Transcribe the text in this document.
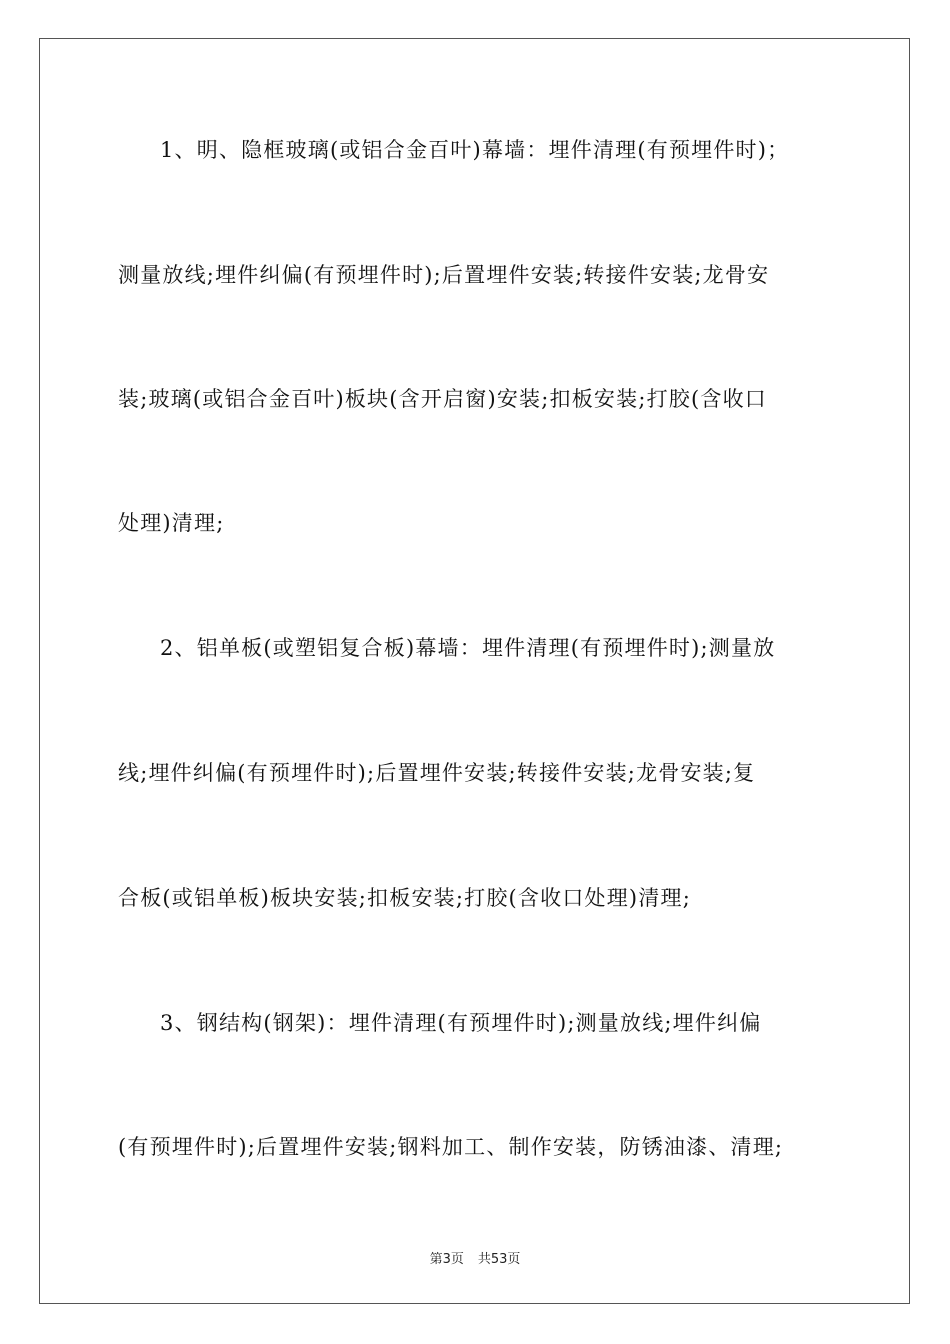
1、明、隐框玻璃(或铝合金百叶)幕墙：埋件清理(有预埋件时)；
测量放线;埋件纠偏(有预埋件时);后置埋件安装;转接件安装;龙骨安
装;玻璃(或铝合金百叶)板块(含开启窗)安装;扣板安装;打胶(含收口
处理)清理;
2、铝单板(或塑铝复合板)幕墙：埋件清理(有预埋件时);测量放
线;埋件纠偏(有预埋件时);后置埋件安装;转接件安装;龙骨安装;复
合板(或铝单板)板块安装;扣板安装;打胶(含收口处理)清理;
3、钢结构(钢架)：埋件清理(有预埋件时);测量放线;埋件纠偏
(有预埋件时);后置埋件安装;钢料加工、制作安装，防锈油漆、清理;
第3页 共53页
